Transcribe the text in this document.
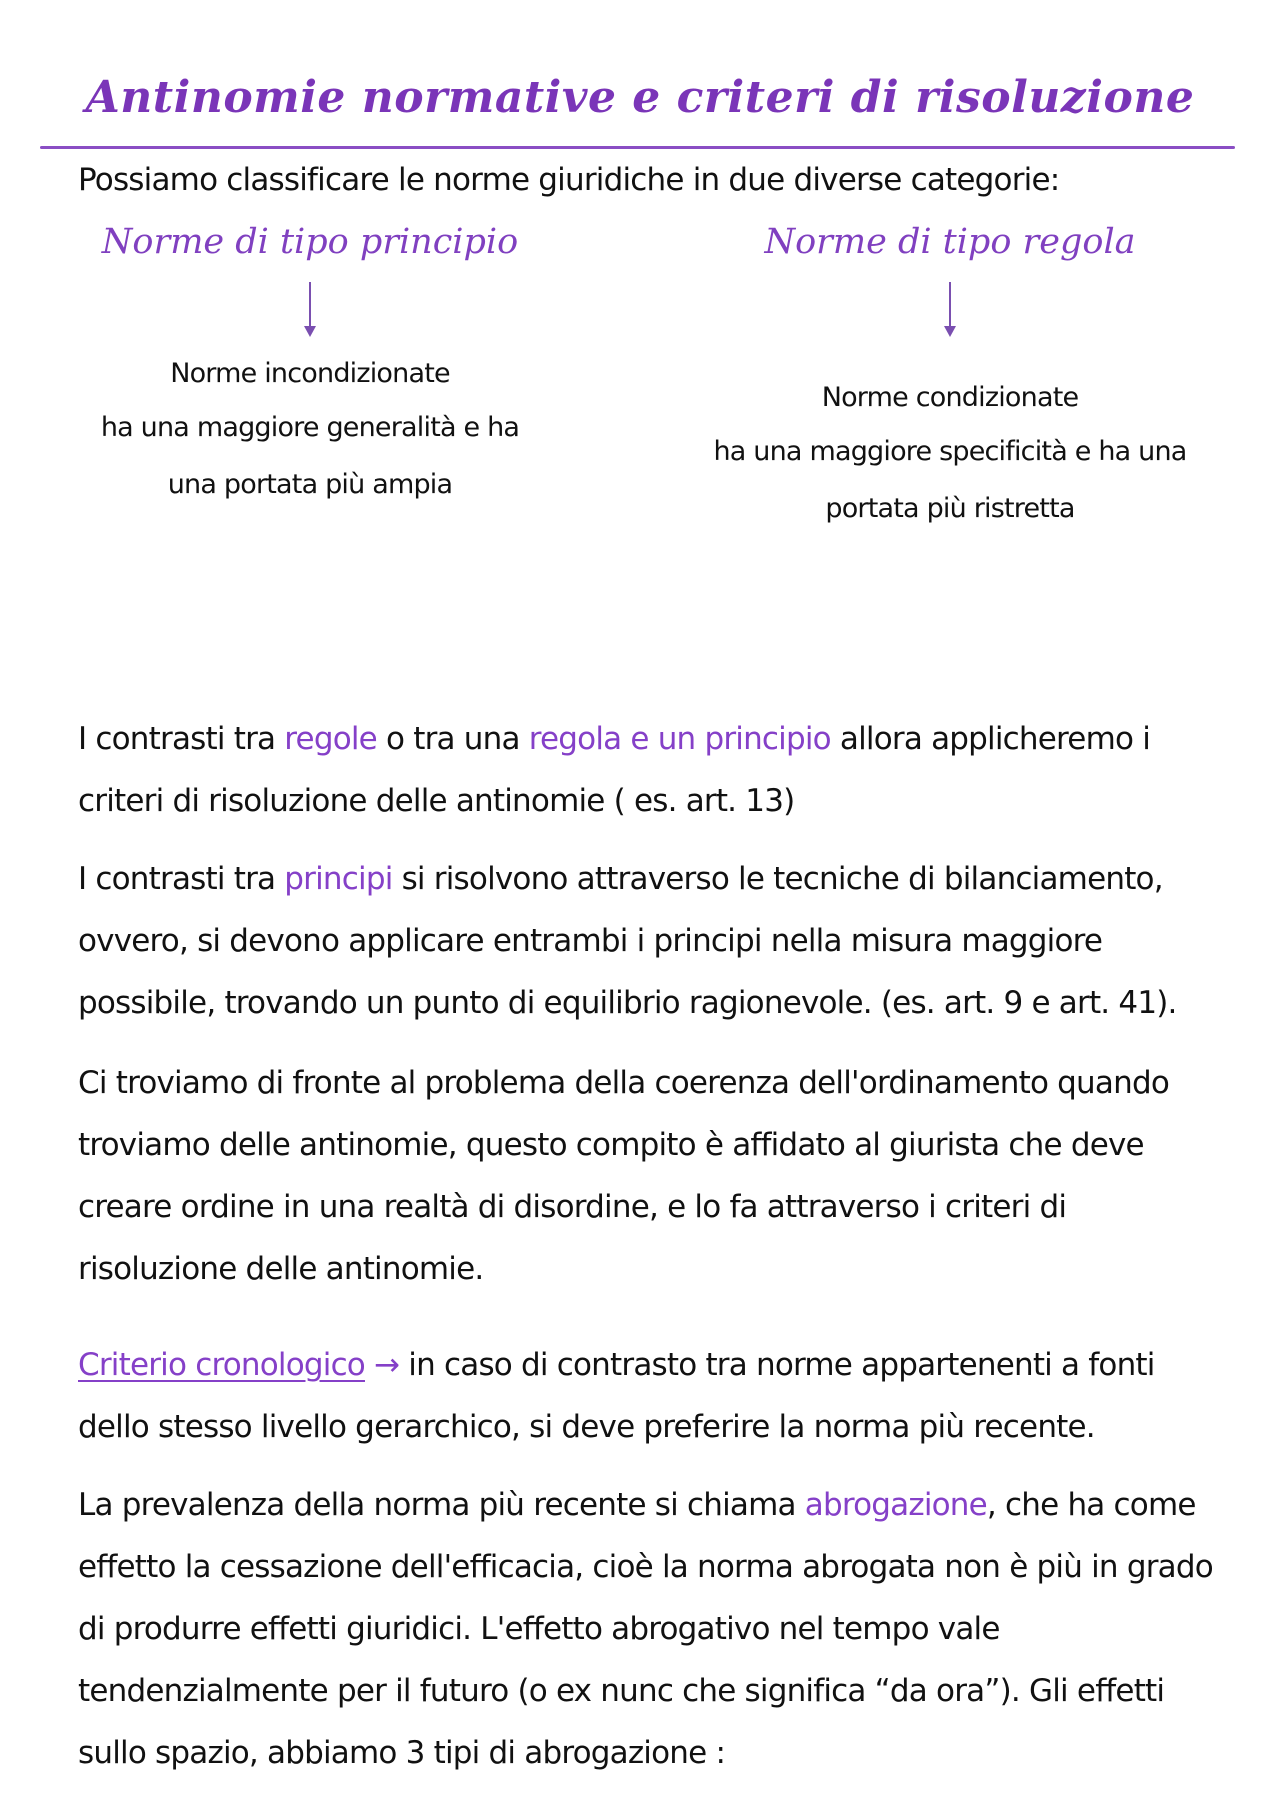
Antinomie normative e criteri di risoluzione
Possiamo classificare le norme giuridiche in due diverse categorie:
Norme di tipo principio
Norme incondizionate
ha una maggiore generalità e ha
una portata più ampia
Norme di tipo regola
Norme condizionate
ha una maggiore specificità e ha una
portata più ristretta
I contrasti tra regole o tra una regola e un principio allora applicheremo i criteri di risoluzione delle antinomie ( es. art. 13)
I contrasti tra principi si risolvono attraverso le tecniche di bilanciamento, ovvero, si devono applicare entrambi i principi nella misura maggiore possibile, trovando un punto di equilibrio ragionevole. (es. art. 9 e art. 41).
Ci troviamo di fronte al problema della coerenza dell'ordinamento quando troviamo delle antinomie, questo compito è affidato al giurista che deve creare ordine in una realtà di disordine, e lo fa attraverso i criteri di risoluzione delle antinomie.
Criterio cronologico → in caso di contrasto tra norme appartenenti a fonti dello stesso livello gerarchico, si deve preferire la norma più recente.
La prevalenza della norma più recente si chiama abrogazione, che ha come effetto la cessazione dell'efficacia, cioè la norma abrogata non è più in grado di produrre effetti giuridici. L'effetto abrogativo nel tempo vale tendenzialmente per il futuro (o ex nunc che significa “da ora”). Gli effetti sullo spazio, abbiamo 3 tipi di abrogazione :
